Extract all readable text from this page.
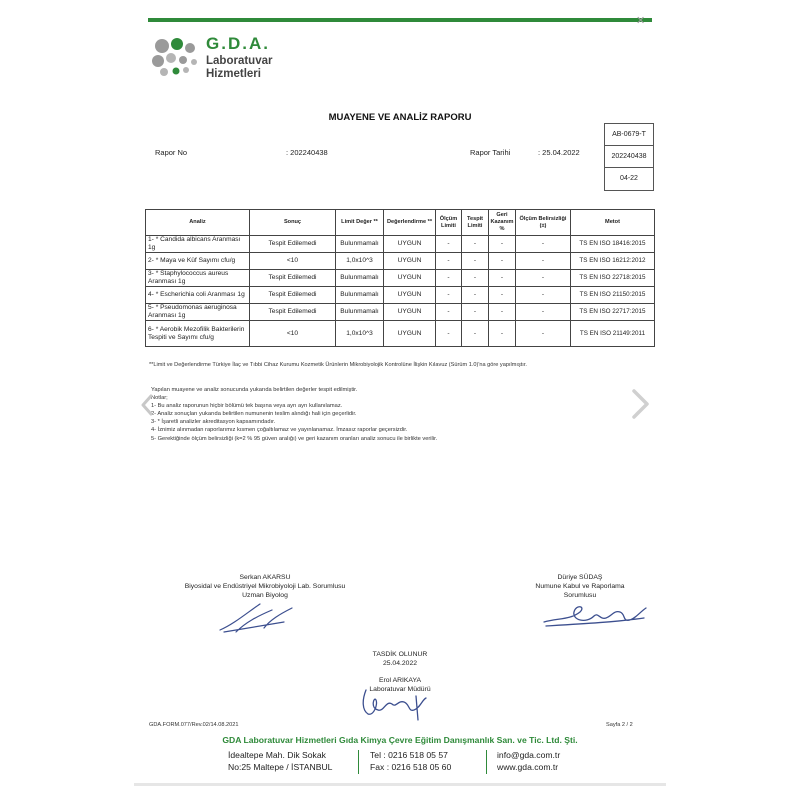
✕
G.D.A.
Laboratuvar
Hizmetleri
MUAYENE VE ANALİZ RAPORU
Rapor No	: 202240438	Rapor Tarihi	: 25.04.2022
AB-0679-T
202240438
04-22
Analiz	Sonuç	Limit Değer **	Değerlendirme **	Ölçüm Limiti	Tespit Limiti	Geri Kazanım %	Ölçüm Belirsizliği (±)	Metot
1- * Candida albicans Aranması 1g	Tespit Edilemedi	Bulunmamalı	UYGUN	-	-	-	-	TS EN ISO 18416:2015
2- * Maya ve Küf Sayımı cfu/g	<10	1,0x10^3	UYGUN	-	-	-	-	TS EN ISO 16212:2012
3- * Staphylococcus aureus Aranması 1g	Tespit Edilemedi	Bulunmamalı	UYGUN	-	-	-	-	TS EN ISO 22718:2015
4- * Escherichia coli Aranması 1g	Tespit Edilemedi	Bulunmamalı	UYGUN	-	-	-	-	TS EN ISO 21150:2015
5- * Pseudomonas aeruginosa Aranması 1g	Tespit Edilemedi	Bulunmamalı	UYGUN	-	-	-	-	TS EN ISO 22717:2015
6- * Aerobik Mezofilik Bakterilerin Tespiti ve Sayımı cfu/g	<10	1,0x10^3	UYGUN	-	-	-	-	TS EN ISO 21149:2011
**Limit ve Değerlendirme Türkiye İlaç ve Tıbbi Cihaz Kurumu Kozmetik Ürünlerin Mikrobiyolojik Kontrolüne İlişkin Kılavuz (Sürüm 1.0)'na göre yapılmıştır.
Yapılan muayene ve analiz sonucunda yukarıda belirtilen değerler tespit edilmiştir.
Notlar;
1- Bu analiz raporunun hiçbir bölümü tek başına veya ayrı ayrı kullanılamaz.
2- Analiz sonuçları yukarıda belirtilen numunenin teslim alındığı hali için geçerlidir.
3- * İşaretli analizler akreditasyon kapsamındadır.
4- İznimiz alınmadan raporlarımız kısmen çoğaltılamaz ve yayınlanamaz. İmzasız raporlar geçersizdir.
5- Gerektiğinde ölçüm belirsizliği (k=2 % 95 güven aralığı) ve geri kazanım oranları analiz sonucu ile birlikte verilir.
Serkan AKARSU
Biyosidal ve Endüstriyel Mikrobiyoloji Lab. Sorumlusu
Uzman Biyolog
Düriye SÜDAŞ
Numune Kabul ve Raporlama
Sorumlusu
TASDİK OLUNUR
25.04.2022
Erol ARIKAYA
Laboratuvar Müdürü
GDA.FORM.077/Rev.02/14.08.2021	Sayfa 2 / 2
GDA Laboratuvar Hizmetleri Gıda Kimya Çevre Eğitim Danışmanlık San. ve Tic. Ltd. Şti.
İdealtepe Mah. Dik Sokak
No:25 Maltepe / İSTANBUL
Tel : 0216 518 05 57
Fax : 0216 518 05 60
info@gda.com.tr
www.gda.com.tr
